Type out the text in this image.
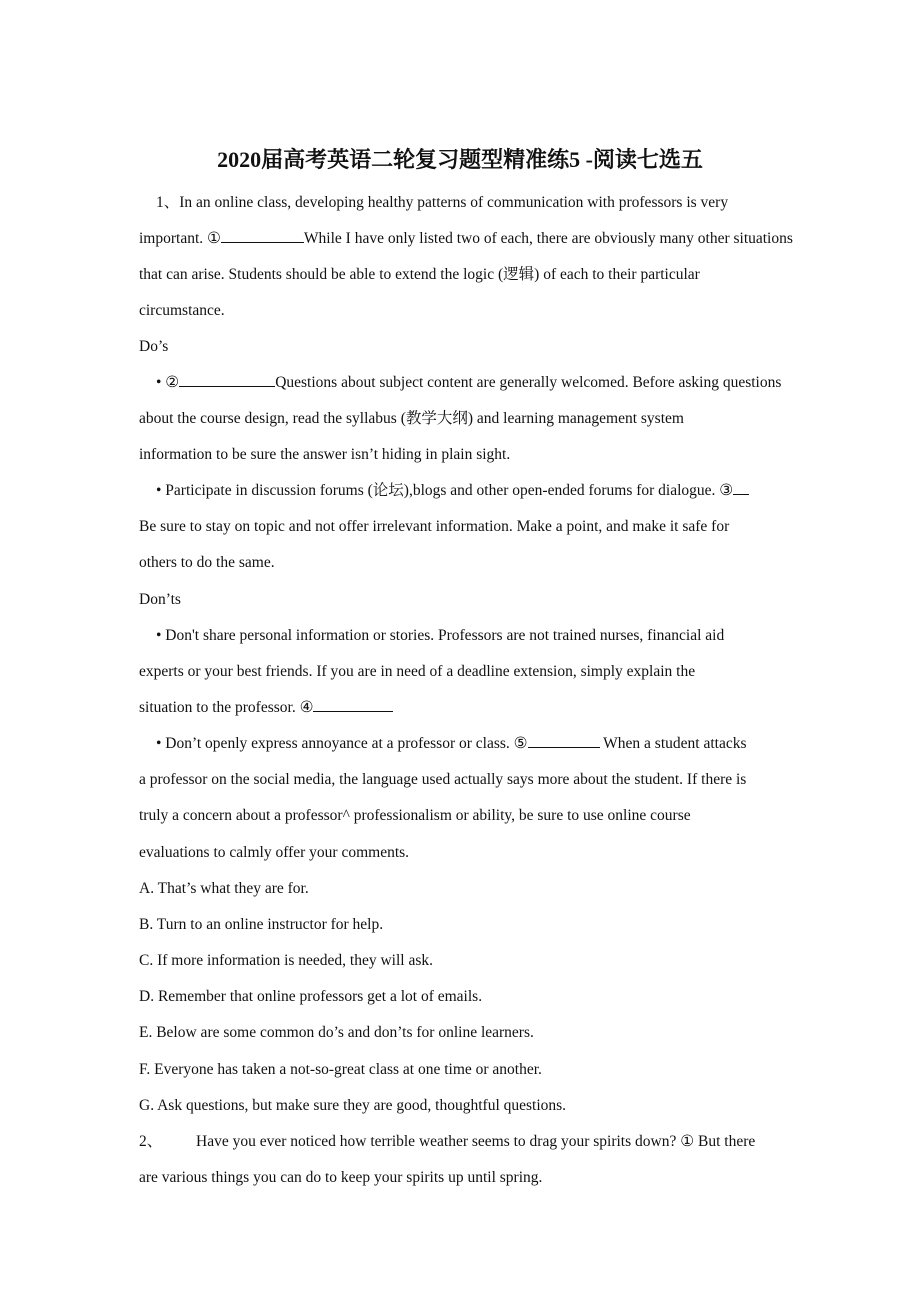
2020届高考英语二轮复习题型精准练5 -阅读七选五
1、In an online class, developing healthy patterns of communication with professors is very
important. ①	While I have only listed two of each, there are obviously many other situations
that can arise. Students should be able to extend the logic (逻辑) of each to their particular
circumstance.
Do’s
• ②	Questions about subject content are generally welcomed. Before asking questions
about the course design, read the syllabus (教学大纲) and learning management system
information to be sure the answer isn’t hiding in plain sight.
• Participate in discussion forums (论坛),blogs and other open-ended forums for dialogue. ③
Be sure to stay on topic and not offer irrelevant information. Make a point, and make it safe for
others to do the same.
Don’ts
• Don't share personal information or stories. Professors are not trained nurses, financial aid
experts or your best friends. If you are in need of a deadline extension, simply explain the
situation to the professor. ④
• Don’t openly express annoyance at a professor or class. ⑤	When a student attacks
a professor on the social media, the language used actually says more about the student. If there is
truly a concern about a professor^ professionalism or ability, be sure to use online course
evaluations to calmly offer your comments.
A. That’s what they are for.
B. Turn to an online instructor for help.
C. If more information is needed, they will ask.
D. Remember that online professors get a lot of emails.
E. Below are some common do’s and don’ts for online learners.
F. Everyone has taken a not-so-great class at one time or another.
G. Ask questions, but make sure they are good, thoughtful questions.
2、 Have you ever noticed how terrible weather seems to drag your spirits down? ① But there
are various things you can do to keep your spirits up until spring.
